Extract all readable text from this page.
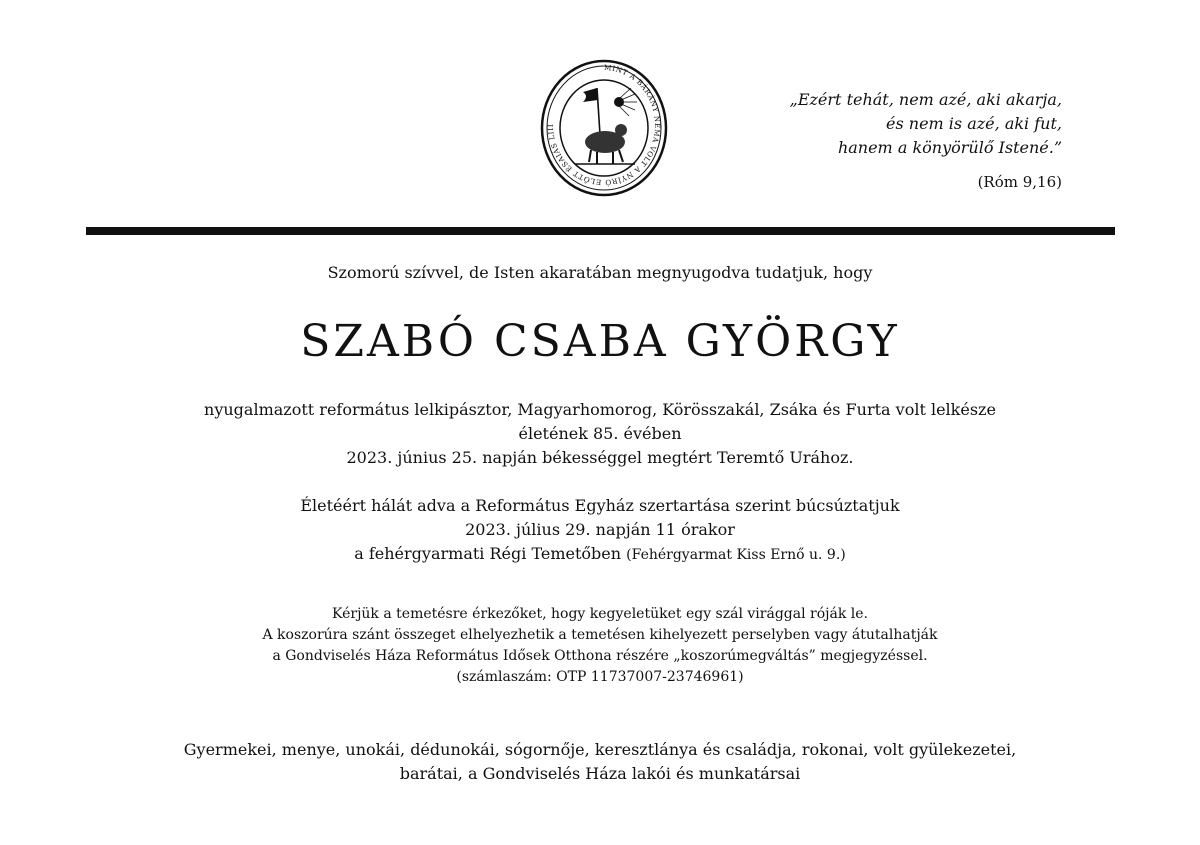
MINT A BÁRÁNY NÉMA VOLT A NYÍRÓ ELŐTT ÉSAIÁS LIII
„Ezért tehát, nem azé, aki akarja,
és nem is azé, aki fut,
hanem a könyörülő Istené.”
(Róm 9,16)
Szomorú szívvel, de Isten akaratában megnyugodva tudatjuk, hogy
SZABÓ CSABA GYÖRGY
nyugalmazott református lelkipásztor, Magyarhomorog, Körösszakál, Zsáka és Furta volt lelkésze
életének 85. évében
2023. június 25. napján békességgel megtért Teremtő Urához.
Életéért hálát adva a Református Egyház szertartása szerint búcsúztatjuk
2023. július 29. napján 11 órakor
a fehérgyarmati Régi Temetőben (Fehérgyarmat Kiss Ernő u. 9.)
Kérjük a temetésre érkezőket, hogy kegyeletüket egy szál virággal róják le.
A koszorúra szánt összeget elhelyezhetik a temetésen kihelyezett perselyben vagy átutalhatják
a Gondviselés Háza Református Idősek Otthona részére „koszorúmegváltás” megjegyzéssel.
(számlaszám: OTP 11737007-23746961)
Gyermekei, menye, unokái, dédunokái, sógornője, keresztlánya és családja, rokonai, volt gyülekezetei,
barátai, a Gondviselés Háza lakói és munkatársai
